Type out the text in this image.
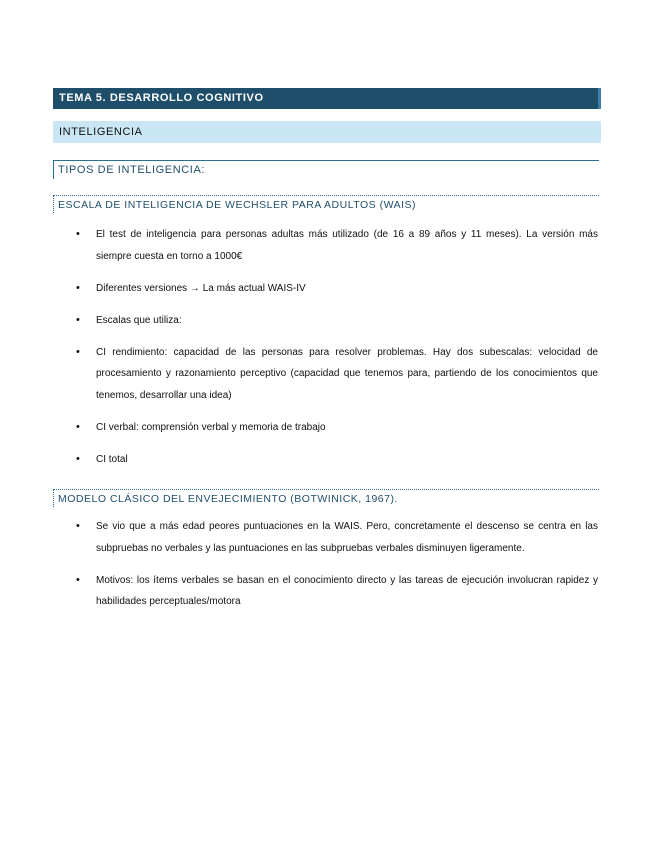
TEMA 5. DESARROLLO COGNITIVO
INTELIGENCIA
TIPOS DE INTELIGENCIA:
ESCALA DE INTELIGENCIA DE WECHSLER PARA ADULTOS (WAIS)
• El test de inteligencia para personas adultas más utilizado (de 16 a 89 años y 11 meses). La versión más siempre cuesta en torno a 1000€
• Diferentes versiones → La más actual WAIS-IV
• Escalas que utiliza:
• CI rendimiento: capacidad de las personas para resolver problemas. Hay dos subescalas: velocidad de procesamiento y razonamiento perceptivo (capacidad que tenemos para, partiendo de los conocimientos que tenemos, desarrollar una idea)
• CI verbal: comprensión verbal y memoria de trabajo
• CI total
MODELO CLÁSICO DEL ENVEJECIMIENTO (BOTWINICK, 1967).
• Se vio que a más edad peores puntuaciones en la WAIS. Pero, concretamente el descenso se centra en las subpruebas no verbales y las puntuaciones en las subpruebas verbales disminuyen ligeramente.
• Motivos: los ítems verbales se basan en el conocimiento directo y las tareas de ejecución involucran rapidez y habilidades perceptuales/motora
